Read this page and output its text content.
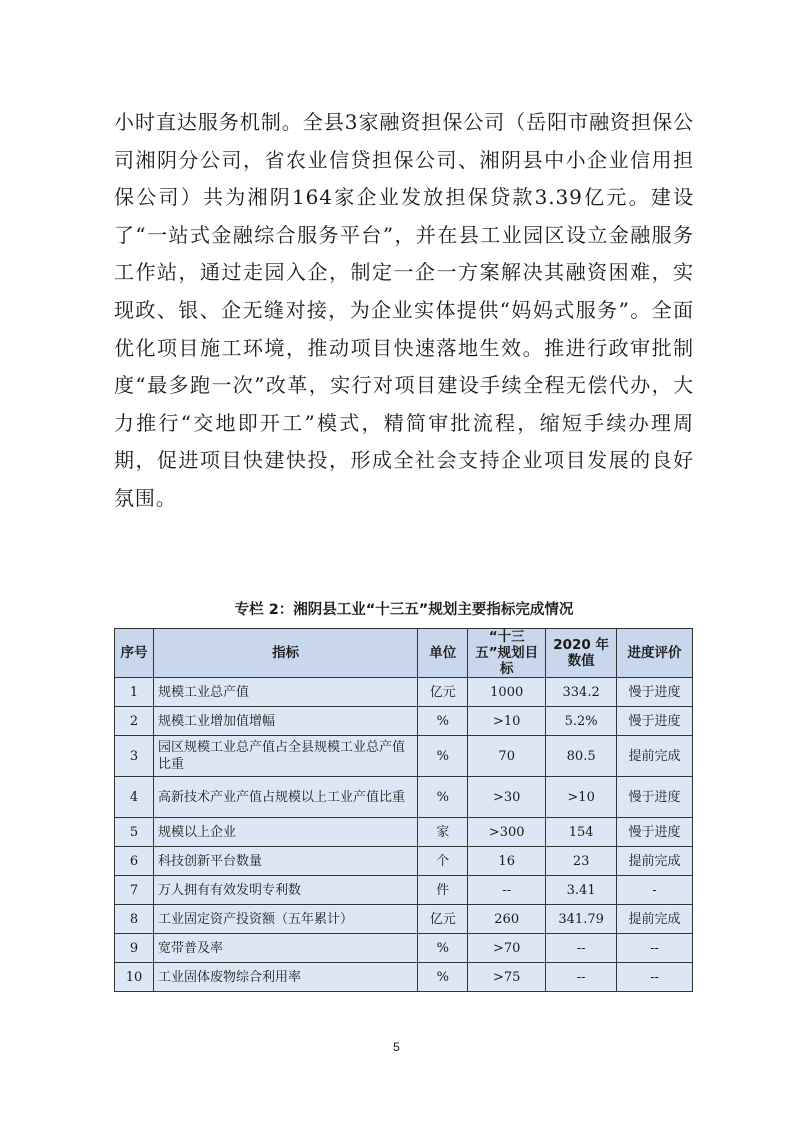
小时直达服务机制。全县3家融资担保公司（岳阳市融资担保公司湘阴分公司，省农业信贷担保公司、湘阴县中小企业信用担保公司）共为湘阴164家企业发放担保贷款3.39亿元。建设了“一站式金融综合服务平台”，并在县工业园区设立金融服务工作站，通过走园入企，制定一企一方案解决其融资困难，实现政、银、企无缝对接，为企业实体提供“妈妈式服务”。全面优化项目施工环境，推动项目快速落地生效。推进行政审批制度“最多跑一次”改革，实行对项目建设手续全程无偿代办，大力推行“交地即开工”模式，精简审批流程，缩短手续办理周期，促进项目快建快投，形成全社会支持企业项目发展的良好氛围。

专栏 2：湘阴县工业“十三五”规划主要指标完成情况
序号	指标	单位	“十三五”规划目标	2020 年数值	进度评价
1	规模工业总产值	亿元	1000	334.2	慢于进度
2	规模工业增加值增幅	%	>10	5.2%	慢于进度
3	园区规模工业总产值占全县规模工业总产值比重	%	70	80.5	提前完成
4	高新技术产业产值占规模以上工业产值比重	%	>30	>10	慢于进度
5	规模以上企业	家	>300	154	慢于进度
6	科技创新平台数量	个	16	23	提前完成
7	万人拥有有效发明专利数	件	--	3.41	-
8	工业固定资产投资额（五年累计）	亿元	260	341.79	提前完成
9	宽带普及率	%	>70	--	--
10	工业固体废物综合利用率	%	>75	--	--
5
